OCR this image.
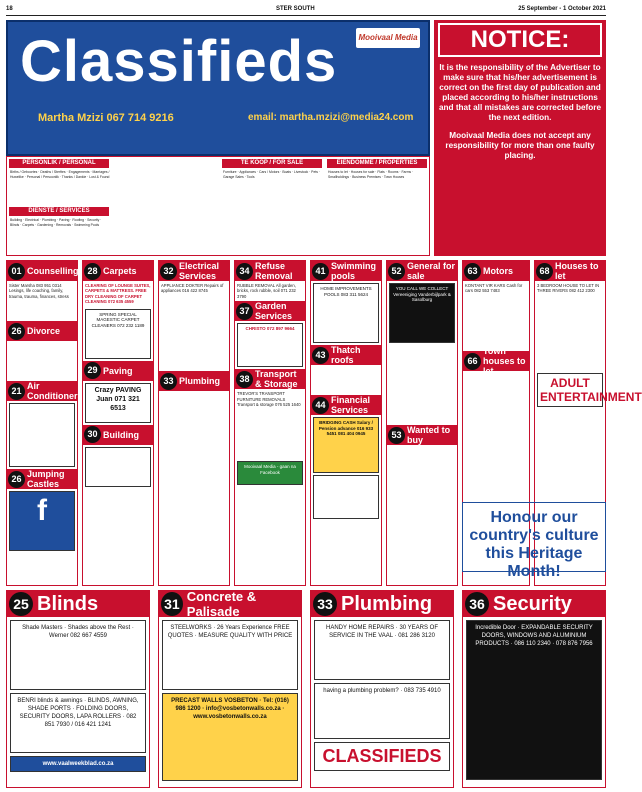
18	STER SOUTH	25 September - 1 October 2021
Classifieds	Mooivaal Media
Martha Mzizi 067 714 9216	email: martha.mzizi@media24.com
NOTICE:

It is the responsibility of the Advertiser to make sure that his/her advertisement is correct on the first day of publication and placed according to his/her instructions and that all mistakes are corrected before the next edition.

Mooivaal Media does not accept any responsibility for more than one faulty placing.

PERSONLIK / PERSONAL
Births / Geboortes · Deaths / Sterftes · Engagements · Marriages / Huwelike · Personal / Persoonlik · Thanks / Dankie · Lost & Found
DIENSTE / SERVICES
Building · Electrical · Plumbing · Paving · Roofing · Security · Blinds · Carpets · Gardening · Removals · Swimming Pools
TE KOOP / FOR SALE
Furniture · Appliances · Cars / Motors · Boats · Livestock · Pets · Garage Sales · Tools
EIENDOMME / PROPERTIES
Houses to let · Houses for sale · Flats · Rooms · Farms · Smallholdings · Business Premises · Town Houses
01 Counselling
Sister Marsha 083 951 0314 Lesings, life coaching, family, trauma, trauma, finances, stress
26 Divorce
21 Air Conditioners
26 Jumping Castles
f
28 Carpets
CLEARING OF LOUNGE SUITES, CARPETS & MATTRESS. FREE DRY CLEANING OF CARPET CLEANING 072 635 4559
SPRING SPECIAL MAGESTIC CARPET CLEANERS 072 232 1189
29 Paving
Crazy PAVING Juan 071 321 6513
30 Building
32 Electrical Services
APPLIANCE DOKTER Repairs of appliances 016 422 8745
33 Plumbing
34 Refuse Removal
RUBBLE REMOVAL All garden, bricks, rock rubble, soil 071 232 3790
37 Garden Services
CHRISTO 072 897 9664
38 Transport & Storage
TREVOR'S TRANSPORT FURNITURE REMOVALS Transport & storage 076 525 1640
Mooivaal Media - gaan na Facebook
41 Swimming pools
HOME IMPROVEMENTS POOLS 083 311 5624
43 Thatch roofs
44 Financial Services
BRIDGING CASH Salary / Pension advance 016 933 5451 081 404 0945
52 General for sale
YOU CALL WE COLLECT Vereeniging Vanderbijlpark & Sasolburg
53 Wanted to buy
63 Motors
KONTANT VIR KARS Cash for cars 082 553 7483
66
Town houses to let
68 Houses to let
3 BEDROOM HOUSE TO LET IN THREE RIVERS 082 412 2300
ADULT ENTERTAINMENT
Honour our country's culture this Heritage Month!
25 Blinds
Shade Masters · Shades above the Rest · Werner 082 667 4559
BENRI blinds & awnings · BLINDS, AWNING, SHADE PORTS · FOLDING DOORS, SECURITY DOORS, LAPA ROLLERS · 082 851 7930 / 016 421 1241
www.vaalweekblad.co.za
31 Concrete & Palisade
STEELWORKS · 26 Years Experience FREE QUOTES · MEASURE QUALITY WITH PRICE
PRECAST WALLS VOSBETON · Tel: (016) 986 1200 · info@vosbetonwalls.co.za · www.vosbetonwalls.co.za
33 Plumbing
HANDY HOME REPAIRS · 30 YEARS OF SERVICE IN THE VAAL · 081 286 3120
having a plumbing problem? · 083 735 4910
CLASSIFIEDS
36 Security
Incredible Door · EXPANDABLE SECURITY DOORS, WINDOWS AND ALUMINIUM PRODUCTS · 086 110 2340 · 078 876 7956
